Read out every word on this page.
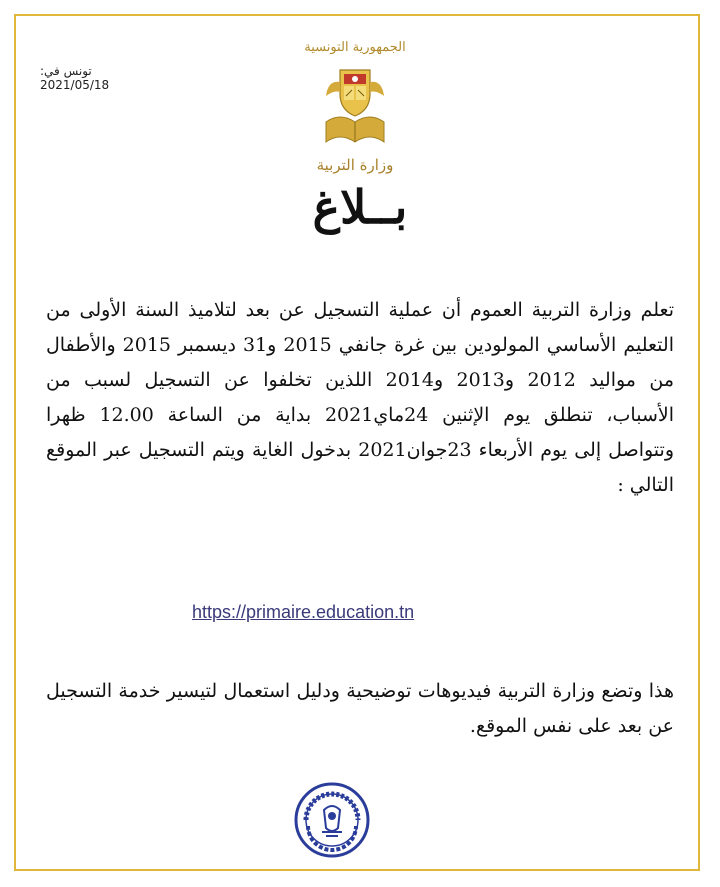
تونس في: 2021/05/18
الجمهورية التونسية
وزارة التربية
بــلاغ
تعلم وزارة التربية العموم أن عملية التسجيل عن بعد لتلاميذ السنة الأولى من التعليم الأساسي المولودين بين غرة جانفي 2015 و31 ديسمبر 2015 والأطفال من مواليد 2012 و2013 و2014 اللذين تخلفوا عن التسجيل لسبب من الأسباب، تنطلق يوم الإثنين 24ماي2021 بداية من الساعة 12.00 ظهرا وتتواصل إلى يوم الأربعاء 23جوان2021 بدخول الغاية ويتم التسجيل عبر الموقع التالي :
https://primaire.education.tn
هذا وتضع وزارة التربية فيديوهات توضيحية ودليل استعمال لتيسير خدمة التسجيل عن بعد على نفس الموقع.
